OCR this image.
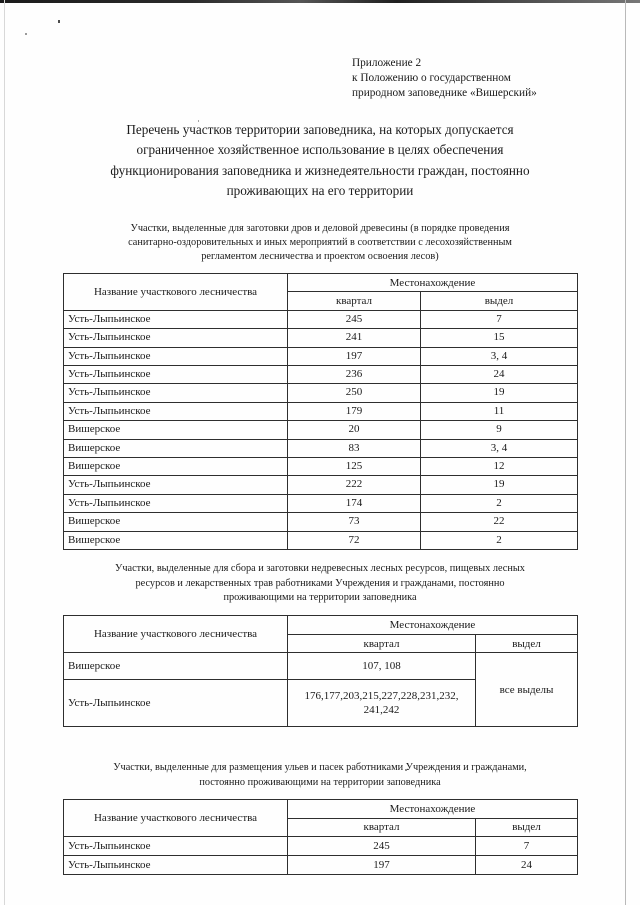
Приложение 2
к Положению о государственном
природном заповеднике «Вишерский»
Перечень участков территории заповедника, на которых допускается
ограниченное хозяйственное использование в целях обеспечения
функционирования заповедника и жизнедеятельности граждан, постоянно
проживающих на его территории
Участки, выделенные для заготовки дров и деловой древесины (в порядке проведения
санитарно-оздоровительных и иных мероприятий в соответствии с лесохозяйственным
регламентом лесничества и проектом освоения лесов)
Название участкового лесничества	Местонахождение	
	квартал	выдел
Усть-Лыпьинское	245	7
Усть-Лыпьинское	241	15
Усть-Лыпьинское	197	3, 4
Усть-Лыпьинское	236	24
Усть-Лыпьинское	250	19
Усть-Лыпьинское	179	11
Вишерское	20	9
Вишерское	83	3, 4
Вишерское	125	12
Усть-Лыпьинское	222	19
Усть-Лыпьинское	174	2
Вишерское	73	22
Вишерское	72	2
Участки, выделенные для сбора и заготовки недревесных лесных ресурсов, пищевых лесных
ресурсов и лекарственных трав работниками Учреждения и гражданами, постоянно
проживающими на территории заповедника
Название участкового лесничества	Местонахождение	
	квартал	выдел
Вишерское	107, 108	все выделы
Усть-Лыпьинское	176,177,203,215,227,228,231,232,
241,242	
Участки, выделенные для размещения ульев и пасек работниками Учреждения и гражданами,
постоянно проживающими на территории заповедника
Название участкового лесничества	Местонахождение	
	квартал	выдел
Усть-Лыпьинское	245	7
Усть-Лыпьинское	197	24
